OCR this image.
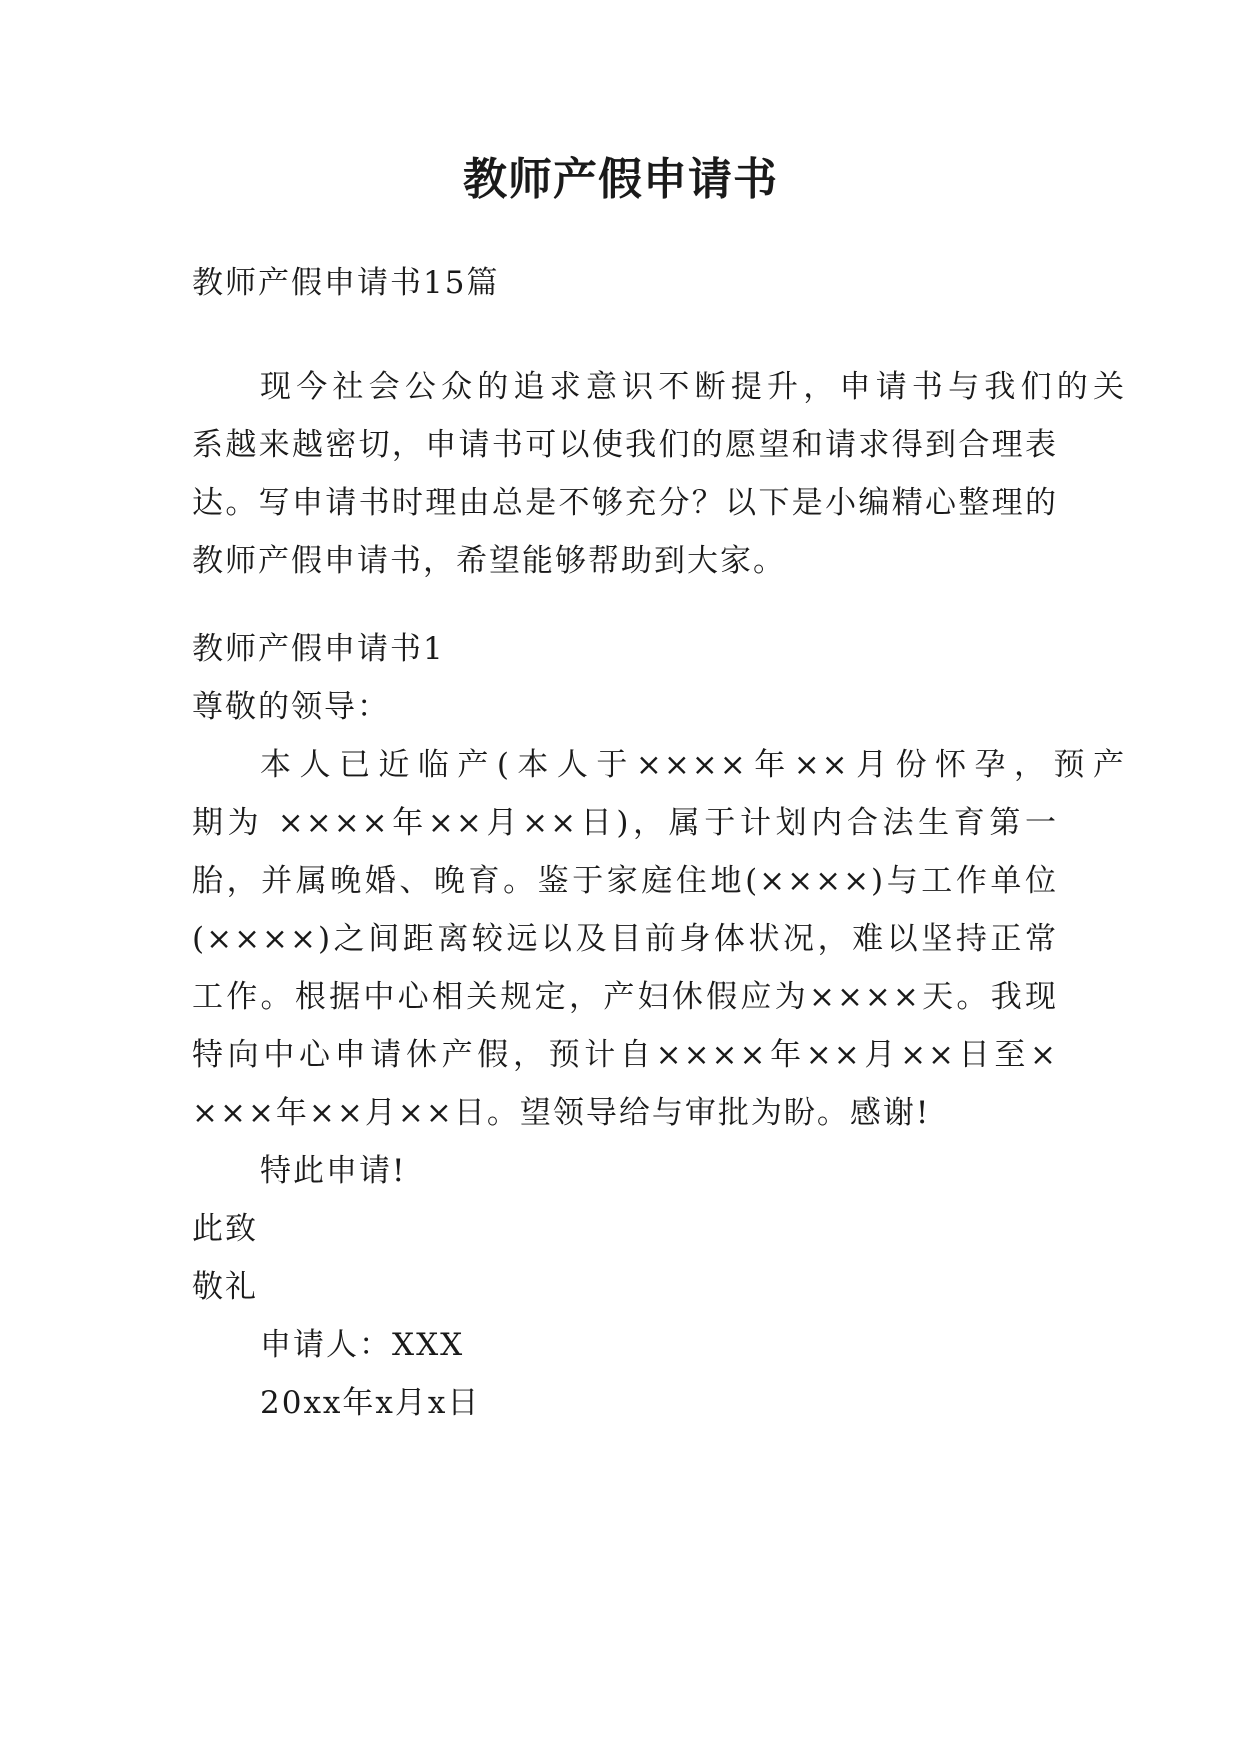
教师产假申请书
教师产假申请书15篇
现今社会公众的追求意识不断提升，申请书与我们的关
系越来越密切，申请书可以使我们的愿望和请求得到合理表
达。写申请书时理由总是不够充分？以下是小编精心整理的
教师产假申请书，希望能够帮助到大家。
教师产假申请书1
尊敬的领导：
本人已近临产(本人于××××年××月份怀孕，预产
期为 ××××年××月××日)，属于计划内合法生育第一
胎，并属晚婚、晚育。鉴于家庭住地(××××)与工作单位
(××××)之间距离较远以及目前身体状况，难以坚持正常
工作。根据中心相关规定，产妇休假应为××××天。我现
特向中心申请休产假，预计自××××年××月××日至×
×××年××月××日。望领导给与审批为盼。感谢!
特此申请!
此致
敬礼
申请人：XXX
20xx年x月x日
